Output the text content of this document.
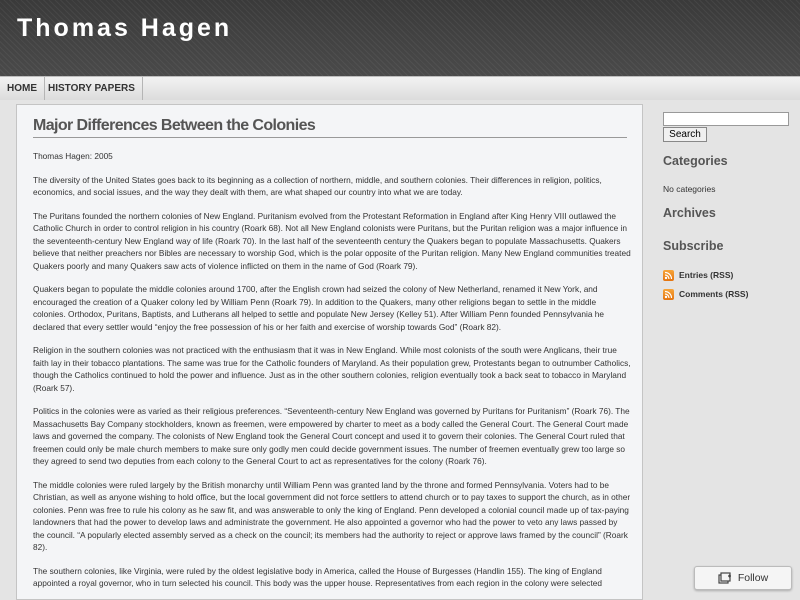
Thomas Hagen
HOME	HISTORY PAPERS
Major Differences Between the Colonies

Thomas Hagen: 2005

The diversity of the United States goes back to its beginning as a collection of northern, middle, and southern colonies. Their differences in religion, politics, economics, and social issues, and the way they dealt with them, are what shaped our country into what we are today.

The Puritans founded the northern colonies of New England. Puritanism evolved from the Protestant Reformation in England after King Henry VIII outlawed the Catholic Church in order to control religion in his country (Roark 68). Not all New England colonists were Puritans, but the Puritan religion was a major influence in the seventeenth-century New England way of life (Roark 70). In the last half of the seventeenth century the Quakers began to populate Massachusetts. Quakers believe that neither preachers nor Bibles are necessary to worship God, which is the polar opposite of the Puritan religion. Many New England communities treated Quakers poorly and many Quakers saw acts of violence inflicted on them in the name of God (Roark 79).

Quakers began to populate the middle colonies around 1700, after the English crown had seized the colony of New Netherland, renamed it New York, and encouraged the creation of a Quaker colony led by William Penn (Roark 79). In addition to the Quakers, many other religions began to settle in the middle colonies. Orthodox, Puritans, Baptists, and Lutherans all helped to settle and populate New Jersey (Kelley 51). After William Penn founded Pennsylvania he declared that every settler would “enjoy the free possession of his or her faith and exercise of worship towards God” (Roark 82).

Religion in the southern colonies was not practiced with the enthusiasm that it was in New England. While most colonists of the south were Anglicans, their true faith lay in their tobacco plantations. The same was true for the Catholic founders of Maryland. As their population grew, Protestants began to outnumber Catholics, though the Catholics continued to hold the power and influence. Just as in the other southern colonies, religion eventually took a back seat to tobacco in Maryland (Roark 57).

Politics in the colonies were as varied as their religious preferences. “Seventeenth-century New England was governed by Puritans for Puritanism” (Roark 76). The Massachusetts Bay Company stockholders, known as freemen, were empowered by charter to meet as a body called the General Court. The General Court made laws and governed the company. The colonists of New England took the General Court concept and used it to govern their colonies. The General Court ruled that freemen could only be male church members to make sure only godly men could decide government issues. The number of freemen eventually grew too large so they agreed to send two deputies from each colony to the General Court to act as representatives for the colony (Roark 76).

The middle colonies were ruled largely by the British monarchy until William Penn was granted land by the throne and formed Pennsylvania. Voters had to be Christian, as well as anyone wishing to hold office, but the local government did not force settlers to attend church or to pay taxes to support the church, as in other colonies. Penn was free to rule his colony as he saw fit, and was answerable to only the king of England. Penn developed a colonial council made up of tax-paying landowners that had the power to develop laws and administrate the government. He also appointed a governor who had the power to veto any laws passed by the council. “A popularly elected assembly served as a check on the council; its members had the authority to reject or approve laws framed by the council” (Roark 82).

The southern colonies, like Virginia, were ruled by the oldest legislative body in America, called the House of Burgesses (Handlin 155). The king of England appointed a royal governor, who in turn selected his council. This body was the upper house. Representatives from each region in the colony were selected

Search
Categories
No categories
Archives
Subscribe
Entries (RSS)
Comments (RSS)
Follow
